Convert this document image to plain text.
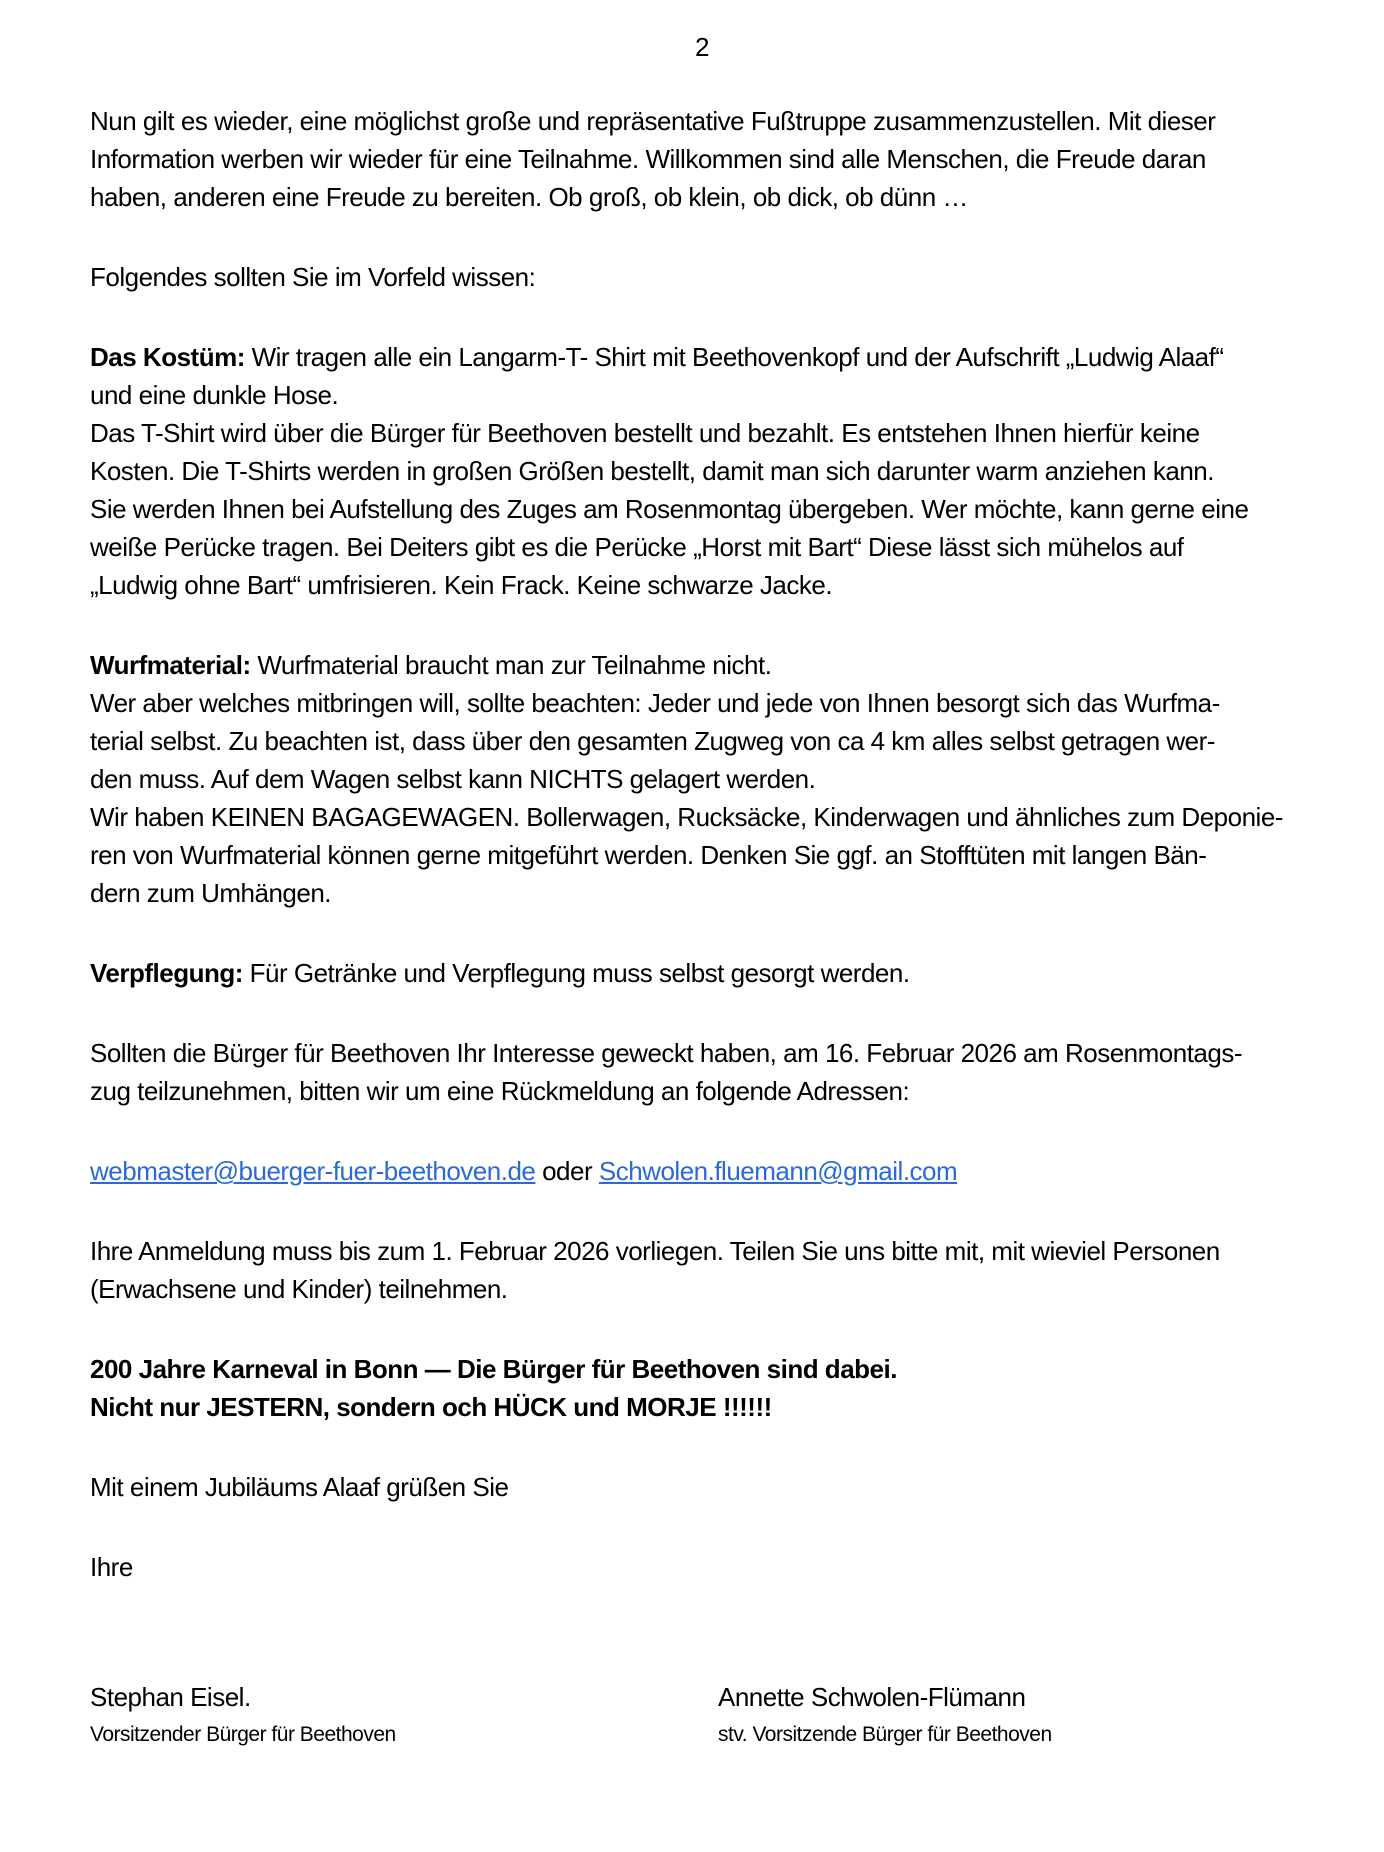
2
Nun gilt es wieder, eine möglichst große und repräsentative Fußtruppe zusammenzustellen. Mit dieser
Information werben wir wieder für eine Teilnahme. Willkommen sind alle Menschen, die Freude daran
haben, anderen eine Freude zu bereiten. Ob groß, ob klein, ob dick, ob dünn …
Folgendes sollten Sie im Vorfeld wissen:
Das Kostüm: Wir tragen alle ein Langarm-T- Shirt mit Beethovenkopf und der Aufschrift „Ludwig Alaaf“
und eine dunkle Hose.
Das T-Shirt wird über die Bürger für Beethoven bestellt und bezahlt. Es entstehen Ihnen hierfür keine
Kosten. Die T-Shirts werden in großen Größen bestellt, damit man sich darunter warm anziehen kann.
Sie werden Ihnen bei Aufstellung des Zuges am Rosenmontag übergeben. Wer möchte, kann gerne eine
weiße Perücke tragen. Bei Deiters gibt es die Perücke „Horst mit Bart“ Diese lässt sich mühelos auf
„Ludwig ohne Bart“ umfrisieren. Kein Frack. Keine schwarze Jacke.
Wurfmaterial: Wurfmaterial braucht man zur Teilnahme nicht.
Wer aber welches mitbringen will, sollte beachten: Jeder und jede von Ihnen besorgt sich das Wurfma-
terial selbst. Zu beachten ist, dass über den gesamten Zugweg von ca 4 km alles selbst getragen wer-
den muss. Auf dem Wagen selbst kann NICHTS gelagert werden.
Wir haben KEINEN BAGAGEWAGEN. Bollerwagen, Rucksäcke, Kinderwagen und ähnliches zum Deponie-
ren von Wurfmaterial können gerne mitgeführt werden. Denken Sie ggf. an Stofftüten mit langen Bän-
dern zum Umhängen.
Verpflegung: Für Getränke und Verpflegung muss selbst gesorgt werden.
Sollten die Bürger für Beethoven Ihr Interesse geweckt haben, am 16. Februar 2026 am Rosenmontags-
zug teilzunehmen, bitten wir um eine Rückmeldung an folgende Adressen:
webmaster@buerger-fuer-beethoven.de oder Schwolen.fluemann@gmail.com
Ihre Anmeldung muss bis zum 1. Februar 2026 vorliegen. Teilen Sie uns bitte mit, mit wieviel Personen
(Erwachsene und Kinder) teilnehmen.
200 Jahre Karneval in Bonn — Die Bürger für Beethoven sind dabei.
Nicht nur JESTERN, sondern och HÜCK und MORJE !!!!!!
Mit einem Jubiläums Alaaf grüßen Sie
Ihre
Stephan Eisel.
Vorsitzender Bürger für Beethoven
Annette Schwolen-Flümann
stv. Vorsitzende Bürger für Beethoven
